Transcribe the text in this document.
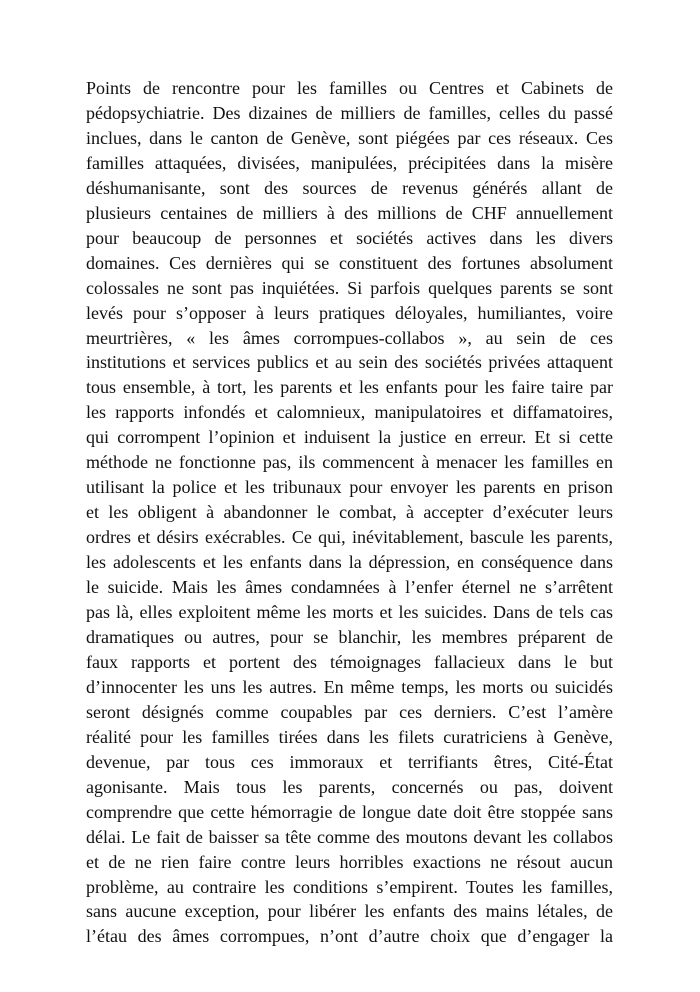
Points de rencontre pour les familles ou Centres et Cabinets de
pédopsychiatrie. Des dizaines de milliers de familles, celles du passé
inclues, dans le canton de Genève, sont piégées par ces réseaux. Ces
familles attaquées, divisées, manipulées, précipitées dans la misère
déshumanisante, sont des sources de revenus générés allant de
plusieurs centaines de milliers à des millions de CHF annuellement
pour beaucoup de personnes et sociétés actives dans les divers
domaines. Ces dernières qui se constituent des fortunes absolument
colossales ne sont pas inquiétées. Si parfois quelques parents se sont
levés pour s’opposer à leurs pratiques déloyales, humiliantes, voire
meurtrières, « les âmes corrompues-collabos », au sein de ces
institutions et services publics et au sein des sociétés privées attaquent
tous ensemble, à tort, les parents et les enfants pour les faire taire par
les rapports infondés et calomnieux, manipulatoires et diffamatoires,
qui corrompent l’opinion et induisent la justice en erreur. Et si cette
méthode ne fonctionne pas, ils commencent à menacer les familles en
utilisant la police et les tribunaux pour envoyer les parents en prison
et les obligent à abandonner le combat, à accepter d’exécuter leurs
ordres et désirs exécrables. Ce qui, inévitablement, bascule les parents,
les adolescents et les enfants dans la dépression, en conséquence dans
le suicide. Mais les âmes condamnées à l’enfer éternel ne s’arrêtent
pas là, elles exploitent même les morts et les suicides. Dans de tels cas
dramatiques ou autres, pour se blanchir, les membres préparent de
faux rapports et portent des témoignages fallacieux dans le but
d’innocenter les uns les autres. En même temps, les morts ou suicidés
seront désignés comme coupables par ces derniers. C’est l’amère
réalité pour les familles tirées dans les filets curatriciens à Genève,
devenue, par tous ces immoraux et terrifiants êtres, Cité-État
agonisante. Mais tous les parents, concernés ou pas, doivent
comprendre que cette hémorragie de longue date doit être stoppée sans
délai. Le fait de baisser sa tête comme des moutons devant les collabos
et de ne rien faire contre leurs horribles exactions ne résout aucun
problème, au contraire les conditions s’empirent. Toutes les familles,
sans aucune exception, pour libérer les enfants des mains létales, de
l’étau des âmes corrompues, n’ont d’autre choix que d’engager la
